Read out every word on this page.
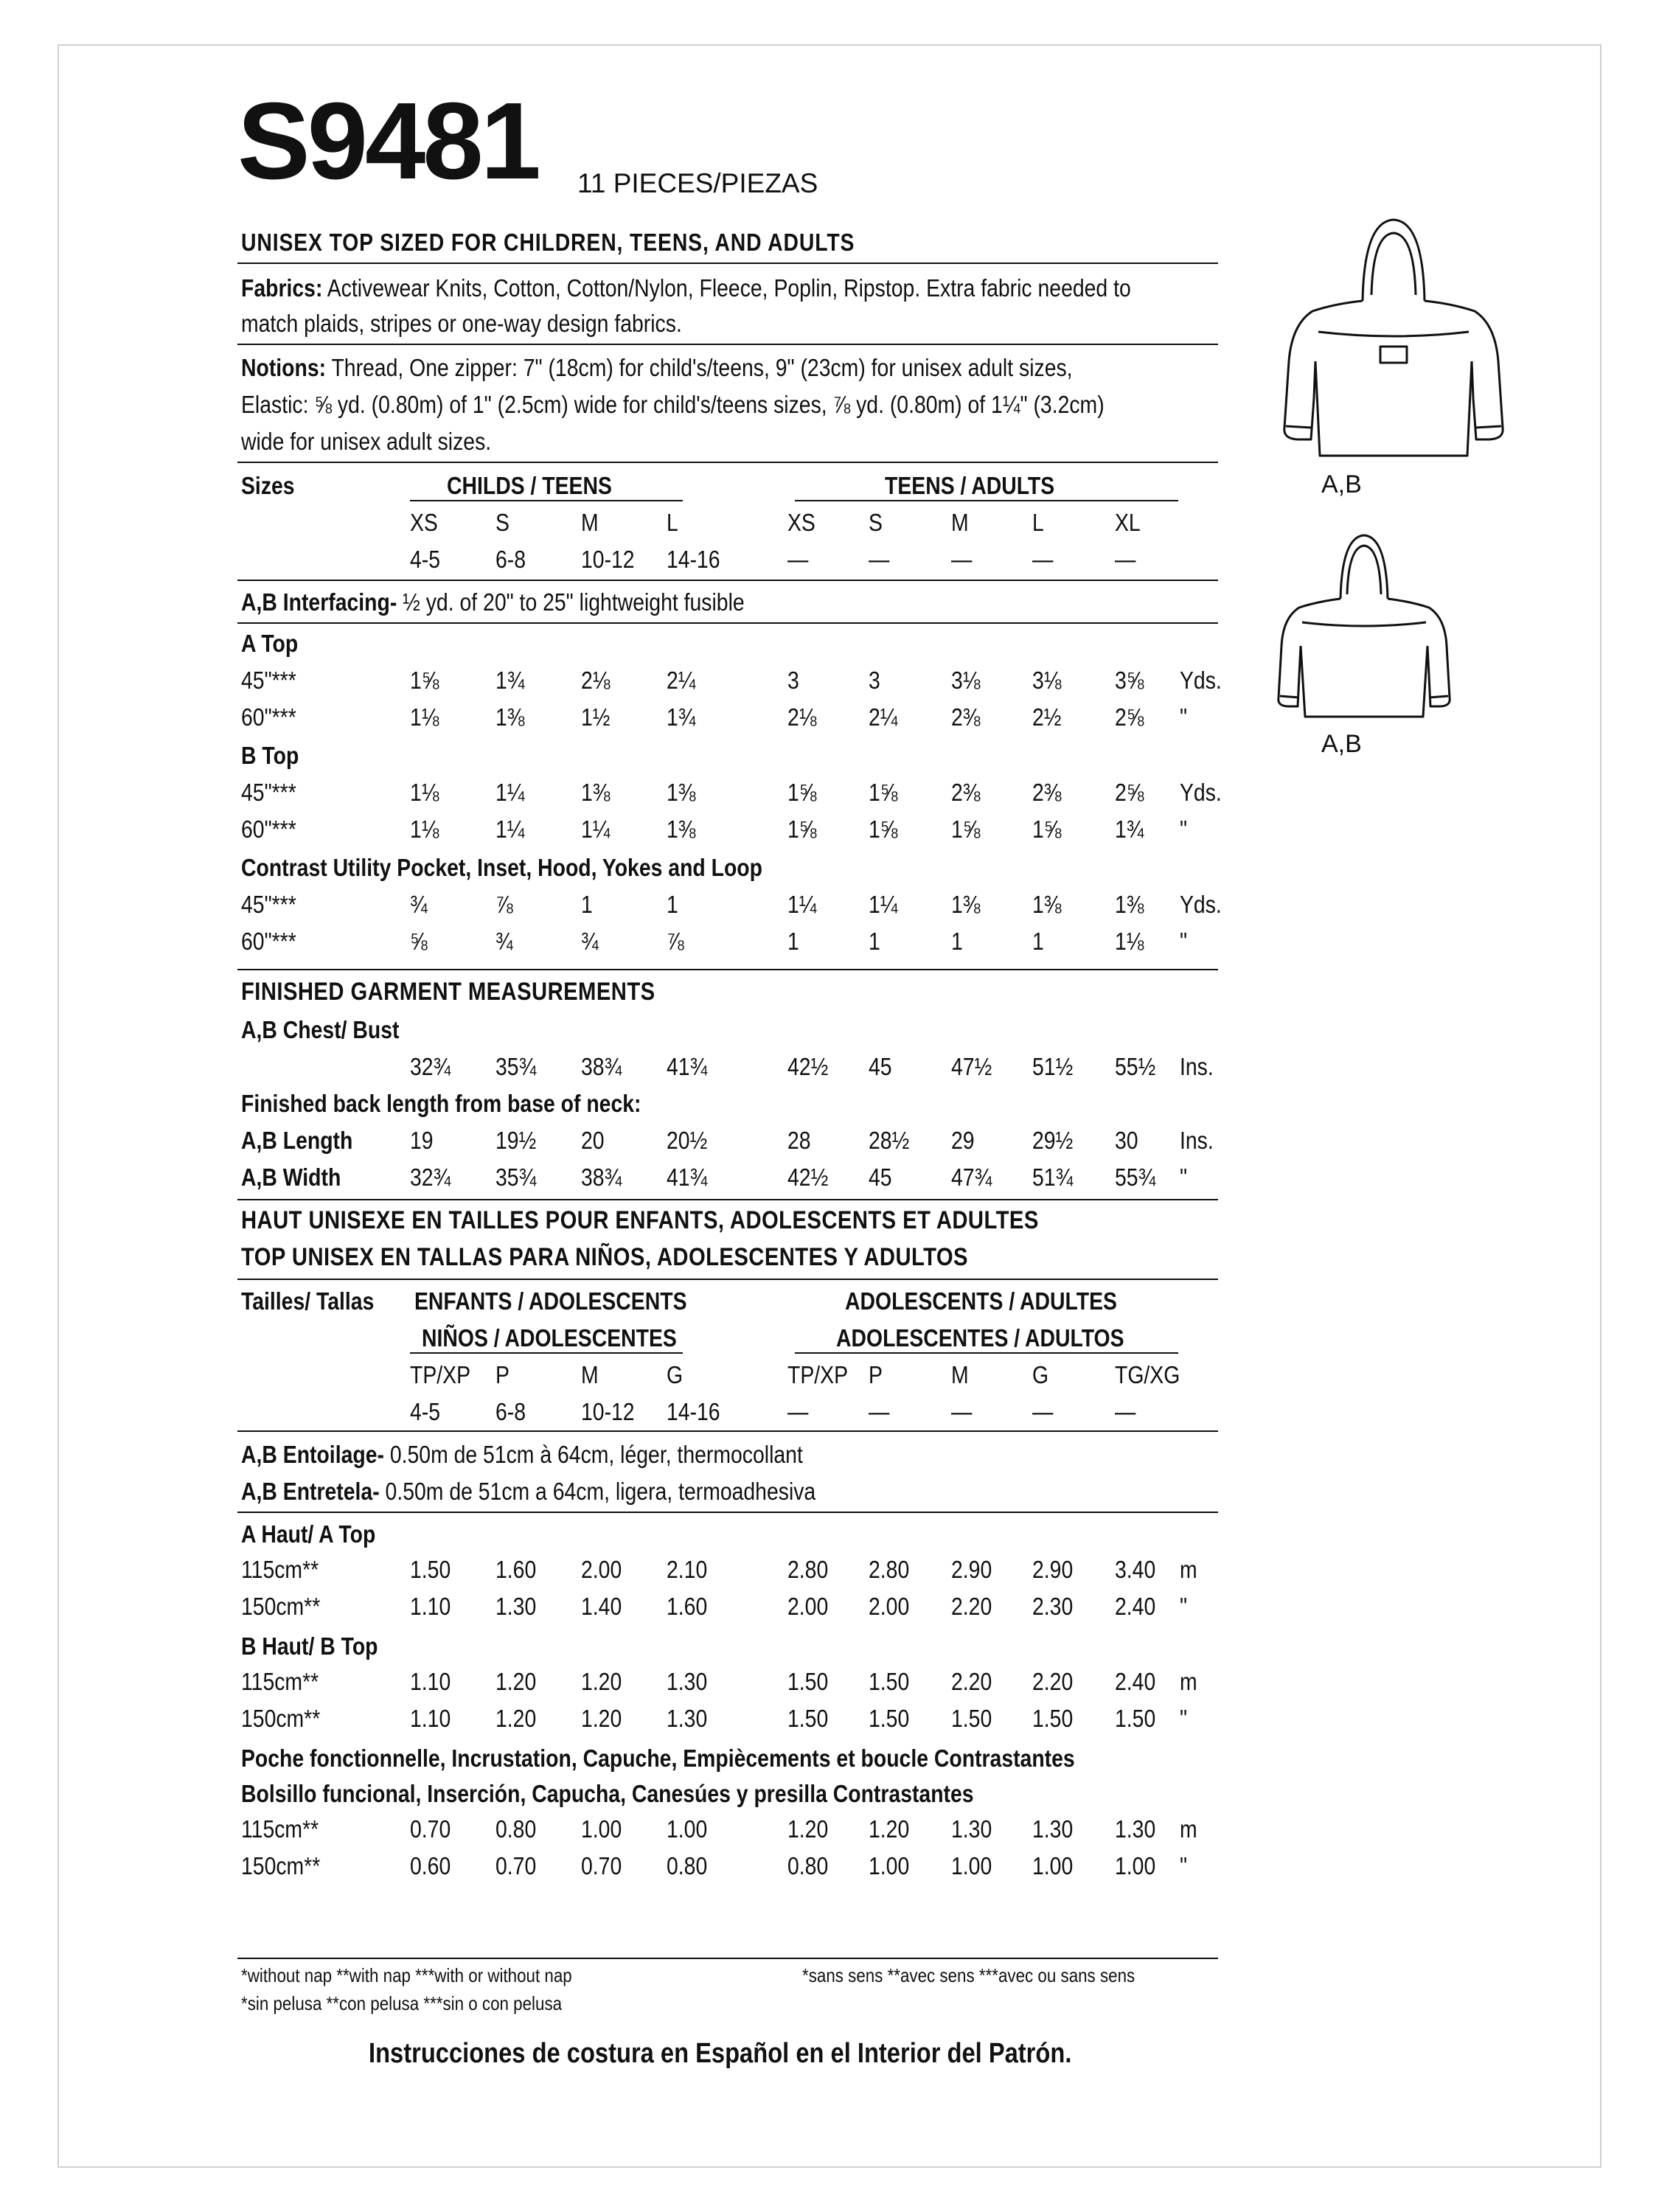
S9481 11 PIECES/PIEZAS
UNISEX TOP SIZED FOR CHILDREN, TEENS, AND ADULTS
Fabrics: Activewear Knits, Cotton, Cotton/Nylon, Fleece, Poplin, Ripstop. Extra fabric needed to
match plaids, stripes or one-way design fabrics.
Notions: Thread, One zipper: 7" (18cm) for child's/teens, 9" (23cm) for unisex adult sizes,
Elastic: ⅝ yd. (0.80m) of 1" (2.5cm) wide for child's/teens sizes, ⅞ yd. (0.80m) of 1¼" (3.2cm)
wide for unisex adult sizes.
Sizes	CHILDS / TEENS	TEENS / ADULTS
XS S	M	L	XS S	M	L	XL
4-5 6-8 10-12 14-16	— —	— —	—
A,B Interfacing- ½ yd. of 20" to 25" lightweight fusible
A Top
45"***	1⅝ 1¾ 2⅛ 2¼	3	3	3⅛ 3⅛ 3⅝ Yds.
60"***	1⅛ 1⅜ 1½ 1¾	2⅛ 2¼ 2⅜ 2½ 2⅝ "
B Top
45"***	1⅛ 1¼ 1⅜ 1⅜	1⅝ 1⅝ 2⅜ 2⅜ 2⅝ Yds.
60"***	1⅛ 1¼ 1¼ 1⅜	1⅝ 1⅝ 1⅝ 1⅝ 1¾ "
Contrast Utility Pocket, Inset, Hood, Yokes and Loop
45"***	¾	⅞	1	1	1¼ 1¼ 1⅜ 1⅜ 1⅜ Yds.
60"***	⅝	¾	¾	⅞	1	1	1	1	1⅛ "
FINISHED GARMENT MEASUREMENTS
A,B Chest/ Bust
32¾ 35¾ 38¾ 41¾	42½ 45 47½ 51½ 55½ Ins.
Finished back length from base of neck:
A,B Length 19	19½ 20	20½	28 28½ 29 29½ 30 Ins.
A,B Width	32¾ 35¾ 38¾ 41¾	42½ 45 47¾ 51¾ 55¾ "
HAUT UNISEXE EN TAILLES POUR ENFANTS, ADOLESCENTS ET ADULTES
TOP UNISEX EN TALLAS PARA NIÑOS, ADOLESCENTES Y ADULTOS
Tailles/ Tallas ENFANTS / ADOLESCENTS
NIÑOS / ADOLESCENTES
ADOLESCENTS / ADULTES
ADOLESCENTES / ADULTOS
TP/XP P	M	G	TP/XP P	M	G	TG/XG
4-5 6-8 10-12 14-16	— —	— —	—
A,B Entoilage- 0.50m de 51cm à 64cm, léger, thermocollant
A,B Entretela- 0.50m de 51cm a 64cm, ligera, termoadhesiva
A Haut/ A Top
115cm**	1.50 1.60 2.00 2.10	2.80 2.80 2.90 2.90 3.40 m
150cm**	1.10 1.30 1.40 1.60	2.00 2.00 2.20 2.30 2.40 "
B Haut/ B Top
115cm**	1.10 1.20 1.20 1.30	1.50 1.50 2.20 2.20 2.40 m
150cm**	1.10 1.20 1.20 1.30	1.50 1.50 1.50 1.50 1.50 "
Poche fonctionnelle, Incrustation, Capuche, Empiècements et boucle Contrastantes
Bolsillo funcional, Inserción, Capucha, Canesúes y presilla Contrastantes
115cm**	0.70 0.80 1.00 1.00	1.20 1.20 1.30 1.30 1.30 m
150cm**	0.60 0.70 0.70 0.80	0.80 1.00 1.00 1.00 1.00 "
*without nap **with nap ***with or without nap	*sans sens **avec sens ***avec ou sans sens
*sin pelusa **con pelusa ***sin o con pelusa
Instrucciones de costura en Español en el Interior del Patrón.
A,B
A,B
